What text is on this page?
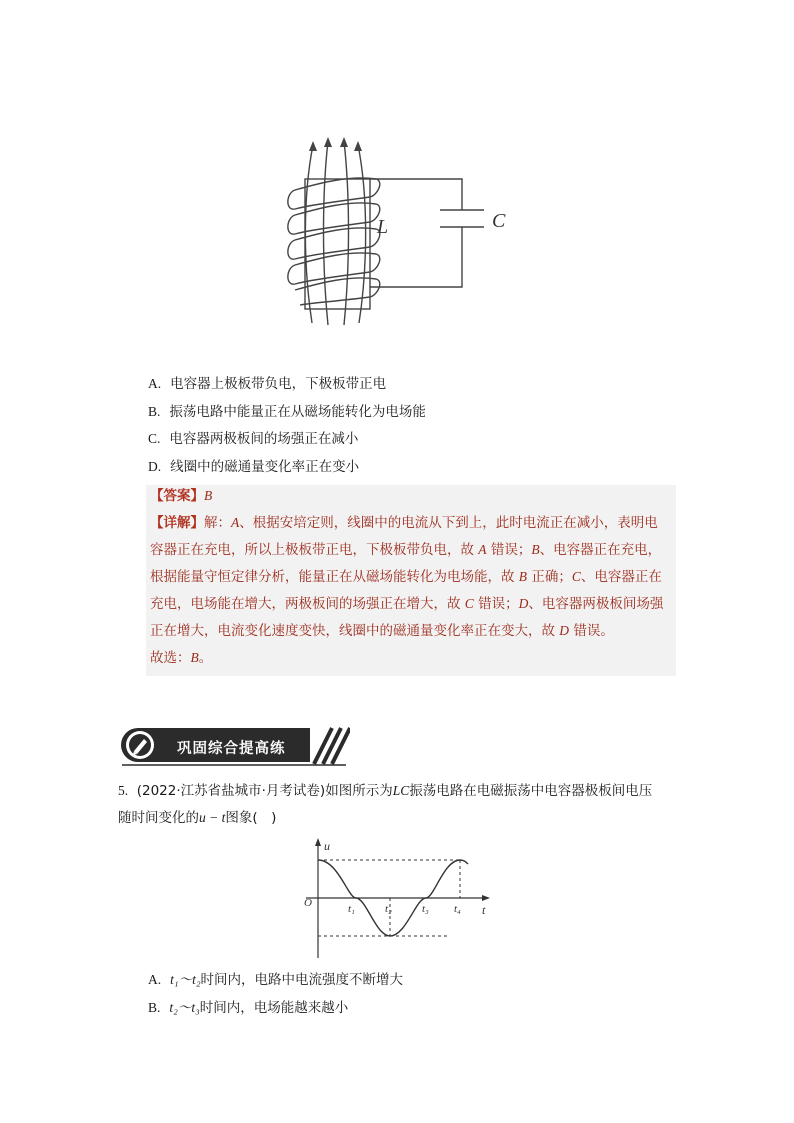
L	C
A. 电容器上极板带负电，下极板带正电
B. 振荡电路中能量正在从磁场能转化为电场能
C. 电容器两极板间的场强正在减小
D. 线圈中的磁通量变化率正在变小
【答案】B
【详解】解：A、根据安培定则，线圈中的电流从下到上，此时电流正在减小，表明电
容器正在充电，所以上极板带正电，下极板带负电，故 A 错误；B、电容器正在充电，
根据能量守恒定律分析，能量正在从磁场能转化为电场能，故 B 正确；C、电容器正在
充电，电场能在增大，两极板间的场强正在增大，故 C 错误；D、电容器两极板间场强
正在增大，电流变化速度变快，线圈中的磁通量变化率正在变大，故 D 错误。
故选：B。
巩固综合提高练
5. (2022·江苏省盐城市·月考试卷)如图所示为LC振荡电路在电磁振荡中电容器极板间电压
随时间变化的u − t图象(　)
u
t
O	t₁	t₂	t₃ t₄
A. t₁～t₂时间内，电路中电流强度不断增大
B. t₂～t₃时间内，电场能越来越小
